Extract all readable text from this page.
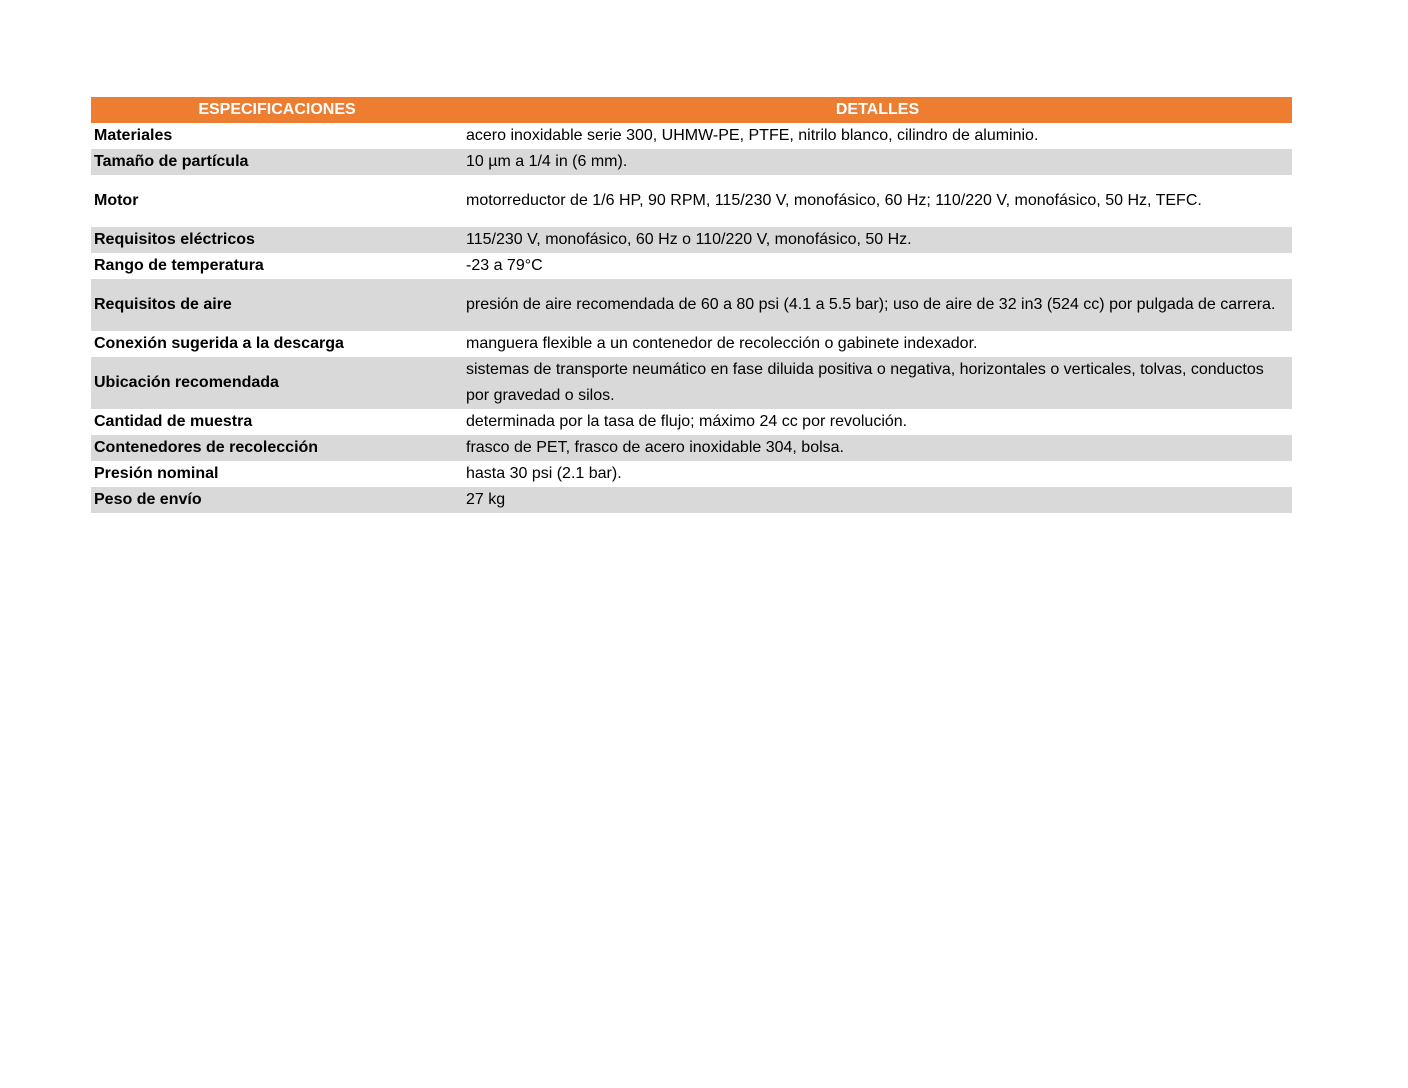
ESPECIFICACIONES	DETALLES
Materiales	acero inoxidable serie 300, UHMW-PE, PTFE, nitrilo blanco, cilindro de aluminio.
Tamaño de partícula	10 µm a 1/4 in (6 mm).
Motor	motorreductor de 1/6 HP, 90 RPM, 115/230 V, monofásico, 60 Hz; 110/220 V, monofásico, 50 Hz, TEFC.
Requisitos eléctricos	115/230 V, monofásico, 60 Hz o 110/220 V, monofásico, 50 Hz.
Rango de temperatura	-23 a 79°C
Requisitos de aire	presión de aire recomendada de 60 a 80 psi (4.1 a 5.5 bar); uso de aire de 32 in3 (524 cc) por pulgada de carrera.
Conexión sugerida a la descarga	manguera flexible a un contenedor de recolección o gabinete indexador.
Ubicación recomendada	sistemas de transporte neumático en fase diluida positiva o negativa, horizontales o verticales, tolvas, conductos por gravedad o silos.
Cantidad de muestra	determinada por la tasa de flujo; máximo 24 cc por revolución.
Contenedores de recolección	frasco de PET, frasco de acero inoxidable 304, bolsa.
Presión nominal	hasta 30 psi (2.1 bar).
Peso de envío	27 kg
